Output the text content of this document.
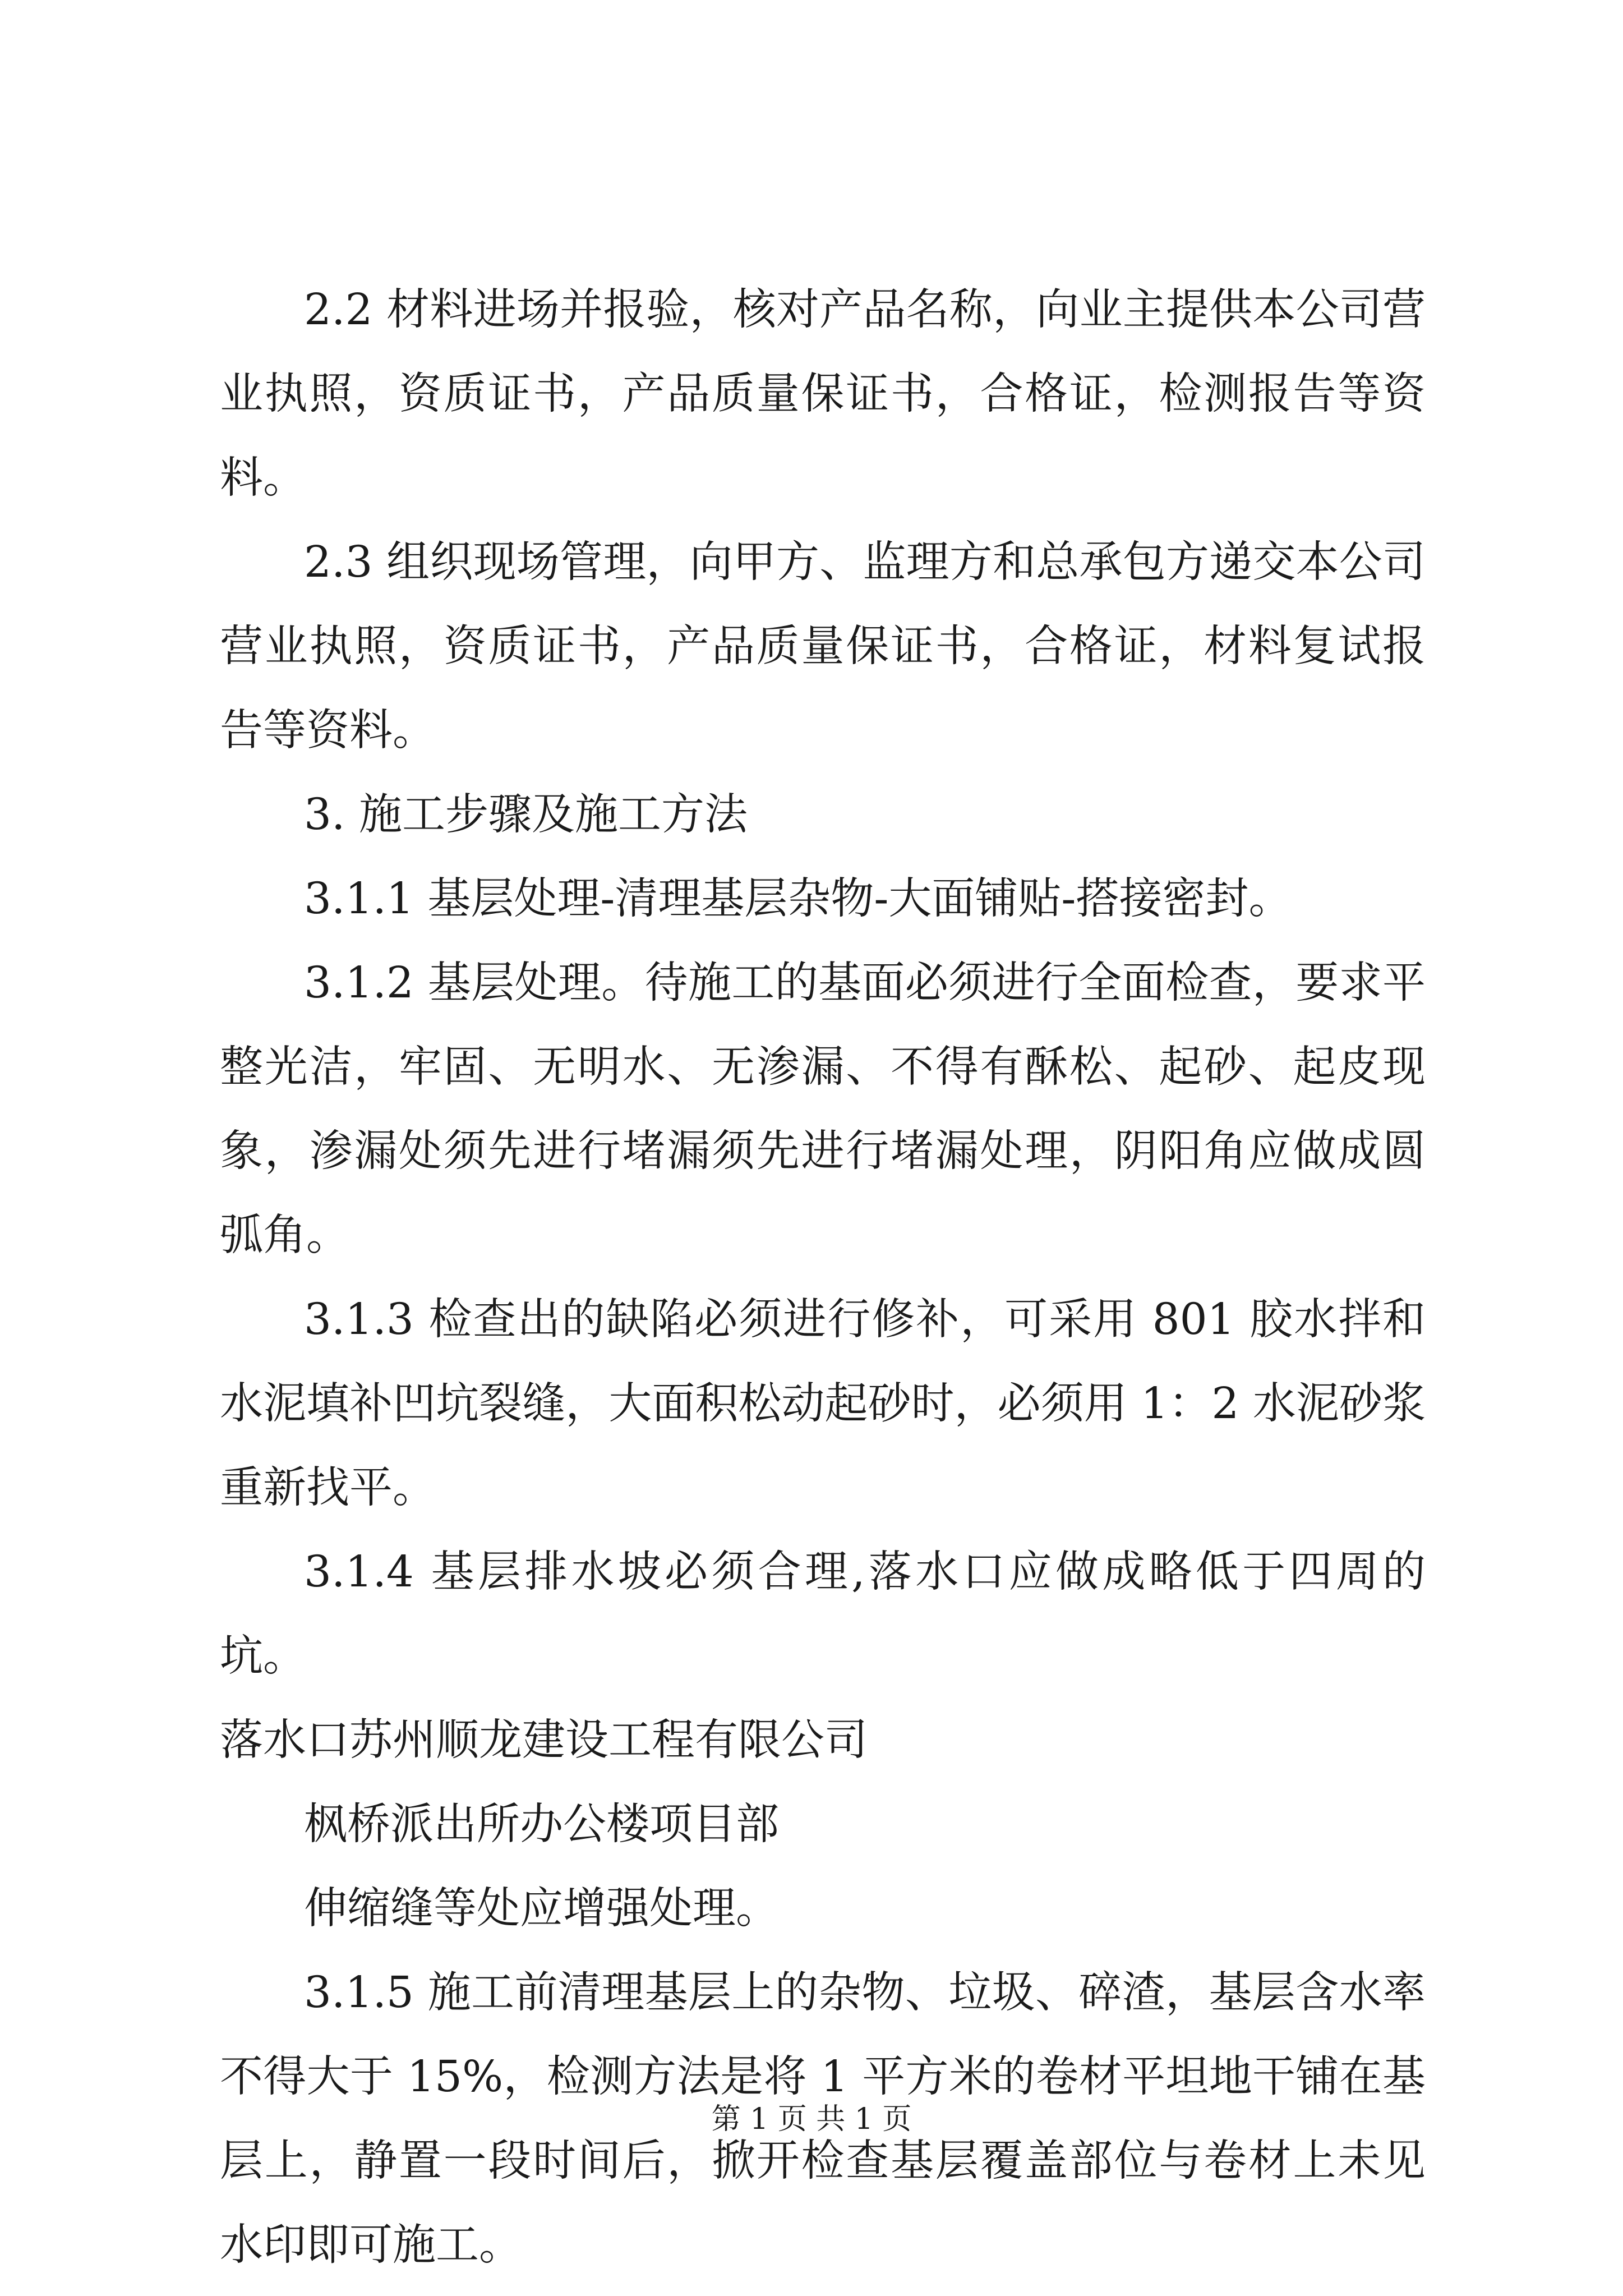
2.2 材料进场并报验，核对产品名称，向业主提供本公司营业执照，资质证书，产品质量保证书，合格证，检测报告等资料。

2.3 组织现场管理，向甲方、监理方和总承包方递交本公司营业执照，资质证书，产品质量保证书，合格证，材料复试报告等资料。

3. 施工步骤及施工方法

3.1.1 基层处理-清理基层杂物-大面铺贴-搭接密封。

3.1.2 基层处理。待施工的基面必须进行全面检查，要求平整光洁，牢固、无明水、无渗漏、不得有酥松、起砂、起皮现象，渗漏处须先进行堵漏须先进行堵漏处理，阴阳角应做成圆弧角。

3.1.3 检查出的缺陷必须进行修补，可采用 801 胶水拌和水泥填补凹坑裂缝，大面积松动起砂时，必须用 1：2 水泥砂浆重新找平。

3.1.4 基层排水坡必须合理,落水口应做成略低于四周的坑。

落水口苏州顺龙建设工程有限公司

枫桥派出所办公楼项目部

伸缩缝等处应增强处理。

3.1.5 施工前清理基层上的杂物、垃圾、碎渣，基层含水率不得大于 15%，检测方法是将 1 平方米的卷材平坦地干铺在基层上，静置一段时间后，掀开检查基层覆盖部位与卷材上未见水印即可施工。

第 1 页 共 1 页
